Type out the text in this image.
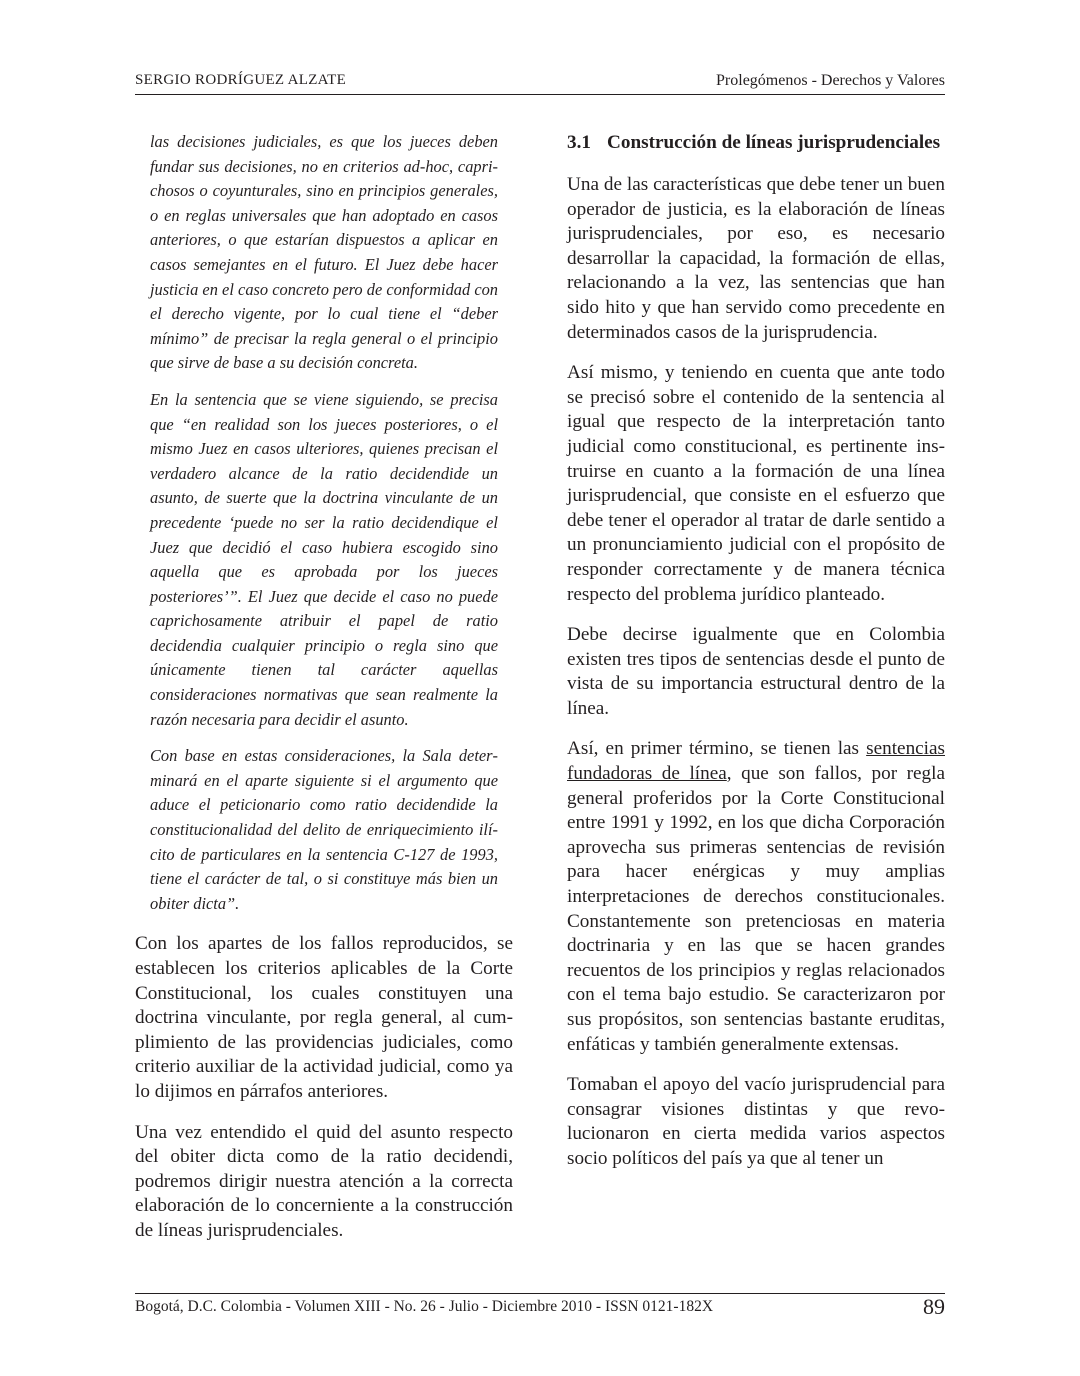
SERGIO RODRÍGUEZ ALZATE	Prolegómenos - Derechos y Valores

las decisiones judiciales, es que los jueces deben fundar sus decisiones, no en criterios ad-hoc, caprichosos o coyunturales, sino en principios generales, o en reglas universales que han adoptado en casos anteriores, o que estarían dispuestos a aplicar en casos semejantes en el futuro. El Juez debe hacer justicia en el caso concreto pero de conformidad con el derecho vigente, por lo cual tiene el “deber mínimo” de precisar la regla general o el principio que sirve de base a su decisión concreta.

En la sentencia que se viene siguiendo, se precisa que “en realidad son los jueces posteriores, o el mismo Juez en casos ulteriores, quienes precisan el verdadero alcance de la ratio decidendide un asunto, de suerte que la doctrina vinculante de un precedente ‘puede no ser la ratio decidendique el Juez que decidió el caso hubiera escogido sino aquella que es aprobada por los jueces posteriores’”. El Juez que decide el caso no puede caprichosamente atribuir el papel de ratio decidendia cualquier principio o regla sino que únicamente tienen tal carácter aquellas consideraciones normativas que sean realmente la razón necesaria para decidir el asunto.

Con base en estas consideraciones, la Sala determinará en el aparte siguiente si el argumento que aduce el peticionario como ratio decidendide la constitucionalidad del delito de enriquecimiento ilícito de particulares en la sentencia C-127 de 1993, tiene el carácter de tal, o si constituye más bien un obiter dicta”.

Con los apartes de los fallos reproducidos, se establecen los criterios aplicables de la Corte Constitucional, los cuales constituyen una doctrina vinculante, por regla general, al cumplimiento de las providencias judiciales, como criterio auxiliar de la actividad judicial, como ya lo dijimos en párrafos anteriores.

Una vez entendido el quid del asunto respecto del obiter dicta como de la ratio decidendi, podremos dirigir nuestra atención a la correcta elaboración de lo concerniente a la construcción de líneas jurisprudenciales.

3.1 Construcción de líneas jurisprudenciales

Una de las características que debe tener un buen operador de justicia, es la elaboración de líneas jurisprudenciales, por eso, es necesario desarrollar la capacidad, la formación de ellas, relacionando a la vez, las sentencias que han sido hito y que han servido como precedente en determinados casos de la jurisprudencia.

Así mismo, y teniendo en cuenta que ante todo se precisó sobre el contenido de la sentencia al igual que respecto de la interpretación tanto judicial como constitucional, es pertinente instruirse en cuanto a la formación de una línea jurisprudencial, que consiste en el esfuerzo que debe tener el operador al tratar de darle sentido a un pronunciamiento judicial con el propósito de responder correctamente y de manera técnica respecto del problema jurídico planteado.

Debe decirse igualmente que en Colombia existen tres tipos de sentencias desde el punto de vista de su importancia estructural dentro de la línea.

Así, en primer término, se tienen las sentencias fundadoras de línea, que son fallos, por regla general proferidos por la Corte Constitucional entre 1991 y 1992, en los que dicha Corporación aprovecha sus primeras sentencias de revisión para hacer enérgicas y muy amplias interpretaciones de derechos constitucionales. Constantemente son pretenciosas en materia doctrinaria y en las que se hacen grandes recuentos de los principios y reglas relacionados con el tema bajo estudio. Se caracterizaron por sus propósitos, son sentencias bastante eruditas, enfáticas y también generalmente extensas.

Tomaban el apoyo del vacío jurisprudencial para consagrar visiones distintas y que revolucionaron en cierta medida varios aspectos socio políticos del país ya que al tener un

Bogotá, D.C. Colombia - Volumen XIII - No. 26 - Julio - Diciembre 2010 - ISSN 0121-182X	89
